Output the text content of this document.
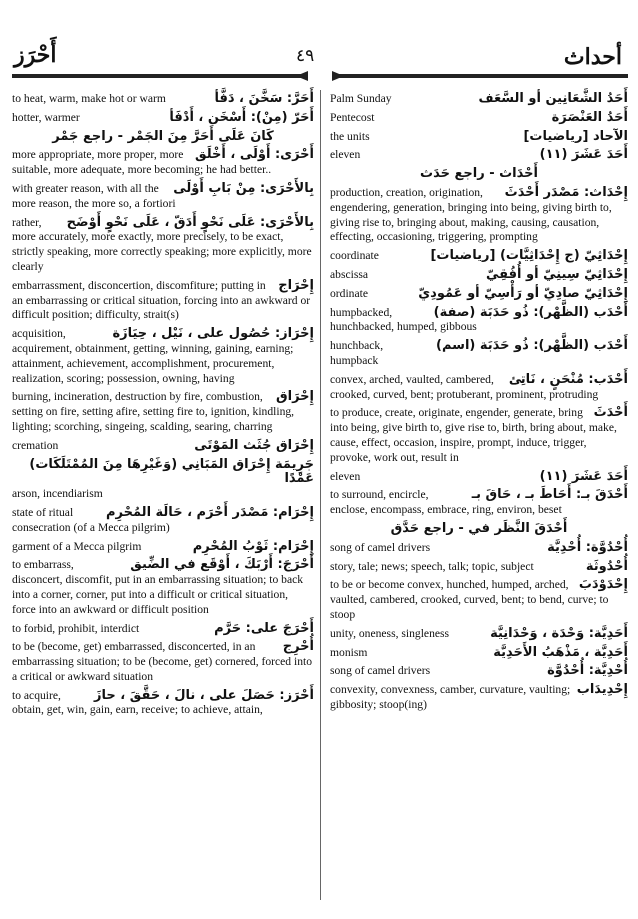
أَحْرَز	٤٩	أحداث
أَحَرَّ: سَخَّنَ ، دَفَّأ
to heat, warm, make hot or warm
أَحَرّ (مِنْ): أَسْخَن ، أَدْفَأ
hotter, warmer
كَانَ عَلَى أَحَرَّ مِنَ الجَمْر - راجع جَمْر
أَحْرَى: أَوْلَى ، أَخْلَق
more appropriate, more proper, more suitable, more adequate, more becoming; he had better..
بِالأَحْرَى: مِنْ بَابِ أَوْلَى
with greater reason, with all the more reason, the more so, a fortiori
بِالأَحْرَى: عَلَى نَحْوٍ أَدَقّ ، عَلَى نَحْوٍ أَوْضَح
rather, more accurately, more exactly, more precisely, to be exact, strictly speaking, more correctly speaking; more explicitly, more clearly
إِحْرَاج
embarrassment, disconcertion, discomfiture; putting in an embarrassing or critical situation, forcing into an awkward or difficult position; difficulty, strait(s)
إِحْرَاز: حُصُول على ، نَيْل ، حِيَازَة
acquisition, acquirement, obtainment, getting, winning, gaining, earning; attainment, achievement, accomplishment, procurement, realization, scoring; possession, owning, having
إِحْرَاق
burning, incineration, destruction by fire, combustion, setting on fire, setting afire, setting fire to, ignition, kindling, lighting; scorching, singeing, scalding, searing, charring
إِحْرَاق جُثَث المَوْتَى
cremation
جَرِيمَة إِحْرَاق المَبَانِي (وَغَيْرِهَا مِنَ المُمْتَلَكَات) عَمْدًا
arson, incendiarism
إِحْرَام: مَصْدَر أَحْرَم ، حَالَة المُحْرِم
state of ritual consecration (of a Mecca pilgrim)
إِحْرَام: ثَوْبُ المُحْرِم
garment of a Mecca pilgrim
أَحْرَجَ: أَرْبَكَ ، أَوْقَع في الضِّيق
to embarrass, disconcert, discomfit, put in an embarrassing situation; to back into a corner, corner, put into a difficult or critical situation, force into an awkward or difficult position
أَحْرَجَ على: حَرَّم
to forbid, prohibit, interdict
أُحْرِج
to be (become, get) embarrassed, disconcerted, in an embarrassing situation; to be (become, get) cornered, forced into a critical or awkward situation
أَحْرَز: حَصَلَ على ، نالَ ، حَقَّقَ ، حازَ
to acquire, obtain, get, win, gain, earn, receive; to achieve, attain,
أَحَدُ الشَّعَانِين أو السَّعَف
Palm Sunday
أَحَدُ العَنْصَرَة
Pentecost
الآحاد [رياضيات]
the units
أَحَدَ عَشَرَ (١١)
eleven
أَحْدَاث - راجع حَدَث
إِحْدَاث: مَصْدَر أَحْدَثَ
production, creation, origination, engendering, generation, bringing into being, giving birth to, giving rise to, bringing about, making, causing, causation, effecting, occasioning, triggering, prompting
إِحْدَاثِيّ (ج إِحْدَاثِيَّات) [رياضيات]
coordinate
إِحْدَاثِيّ سِينِيّ أو أُفُقِيّ
abscissa
إِحْدَاثِيّ صادِيّ أو رَأْسِيّ أو عَمُودِيّ
ordinate
أَحْدَب (الظَّهْر): ذُو حَدَبَة (صفة)
humpbacked, hunchbacked, humped, gibbous
أَحْدَب (الظَّهْر): ذُو حَدَبَة (اسم)
hunchback, humpback
أَحْدَب: مُنْحَنٍ ، نَاتِئ
convex, arched, vaulted, cambered, crooked, curved, bent; protuberant, prominent, protruding
أَحْدَثَ
to produce, create, originate, engender, generate, bring into being, give birth to, give rise to, birth, bring about, make, cause, effect, occasion, inspire, prompt, induce, trigger, provoke, work out, result in
أَحَدَ عَشَرَ (١١)
eleven
أَحْدَقَ بـ: أَحَاطَ بـ ، حَاقَ بـ
to surround, encircle, enclose, encompass, embrace, ring, environ, beset
أَحْدَقَ النَّظَر في - راجع حَدَّق
أُحْدُوَّة: أُحْدِيَّة
song of camel drivers
أُحْدُوثَة
story, tale; news; speech, talk; topic, subject
إِحْدَوْدَبَ
to be or become convex, hunched, humped, arched, vaulted, cambered, crooked, curved, bent; to bend, curve; to stoop
أَحَدِيَّة: وَحْدَة ، وَحْدَانِيَّة
unity, oneness, singleness
أَحَدِيَّة ، مَذْهَبُ الأَحَدِيَّة
monism
أُحْدِيَّة: أُحْدُوَّة
song of camel drivers
إِحْدِيدَاب
convexity, convexness, camber, curvature, vaulting; gibbosity; stoop(ing)
